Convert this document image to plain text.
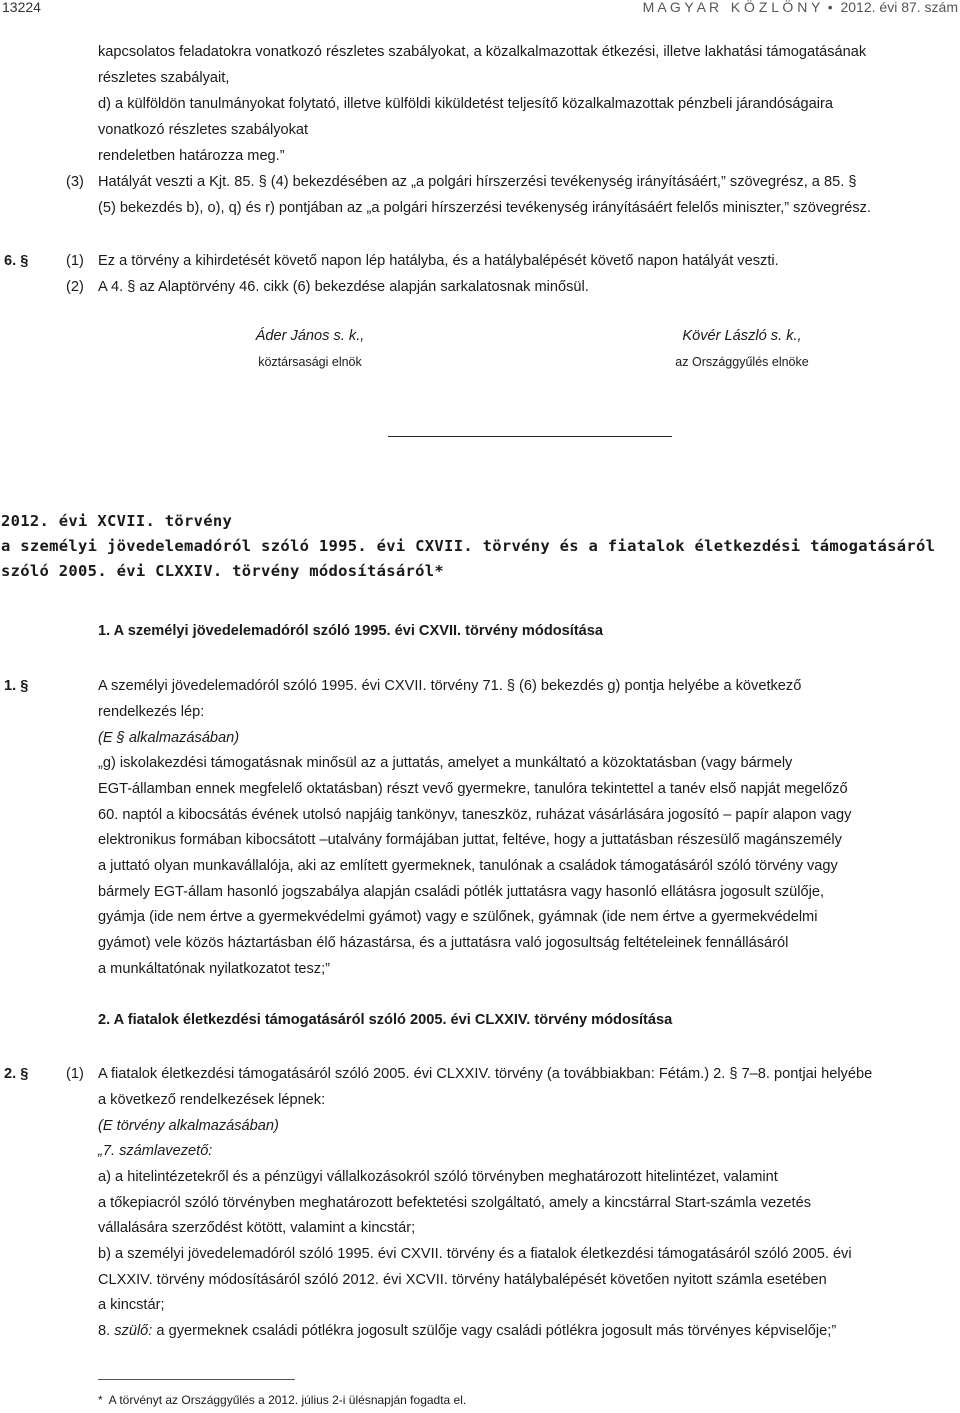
13224	M A G Y A R   K Ö Z L Ö N Y  •  2012. évi 87. szám
kapcsolatos feladatokra vonatkozó részletes szabályokat, a közalkalmazottak étkezési, illetve lakhatási támogatásának
részletes szabályait,
d) a külföldön tanulmányokat folytató, illetve külföldi kiküldetést teljesítő közalkalmazottak pénzbeli járandóságaira
vonatkozó részletes szabályokat
rendeletben határozza meg.”
(3) Hatályát veszti a Kjt. 85. § (4) bekezdésében az „a polgári hírszerzési tevékenység irányításáért,” szövegrész, a 85. §
(5) bekezdés b), o), q) és r) pontjában az „a polgári hírszerzési tevékenység irányításáért felelős miniszter,” szövegrész.
6. §	(1) Ez a törvény a kihirdetését követő napon lép hatályba, és a hatálybalépését követő napon hatályát veszti.
(2) A 4. § az Alaptörvény 46. cikk (6) bekezdése alapján sarkalatosnak minősül.
Áder János s. k.,
köztársasági elnök
Kövér László s. k.,
az Országgyűlés elnöke
2012. évi XCVII. törvény
a személyi jövedelemadóról szóló 1995. évi CXVII. törvény és a fiatalok életkezdési támogatásáról
szóló 2005. évi CLXXIV. törvény módosításáról*
1. A személyi jövedelemadóról szóló 1995. évi CXVII. törvény módosítása
1. §	A személyi jövedelemadóról szóló 1995. évi CXVII. törvény 71. § (6) bekezdés g) pontja helyébe a következő
rendelkezés lép:
(E § alkalmazásában)
„g) iskolakezdési támogatásnak minősül az a juttatás, amelyet a munkáltató a közoktatásban (vagy bármely
EGT-államban ennek megfelelő oktatásban) részt vevő gyermekre, tanulóra tekintettel a tanév első napját megelőző
60. naptól a kibocsátás évének utolsó napjáig tankönyv, taneszköz, ruházat vásárlására jogosító – papír alapon vagy
elektronikus formában kibocsátott –utalvány formájában juttat, feltéve, hogy a juttatásban részesülő magánszemély
a juttató olyan munkavállalója, aki az említett gyermeknek, tanulónak a családok támogatásáról szóló törvény vagy
bármely EGT-állam hasonló jogszabálya alapján családi pótlék juttatásra vagy hasonló ellátásra jogosult szülője,
gyámja (ide nem értve a gyermekvédelmi gyámot) vagy e szülőnek, gyámnak (ide nem értve a gyermekvédelmi
gyámot) vele közös háztartásban élő házastársa, és a juttatásra való jogosultság feltételeinek fennállásáról
a munkáltatónak nyilatkozatot tesz;”
2. A fiatalok életkezdési támogatásáról szóló 2005. évi CLXXIV. törvény módosítása
2. §	(1) A fiatalok életkezdési támogatásáról szóló 2005. évi CLXXIV. törvény (a továbbiakban: Fétám.) 2. § 7–8. pontjai helyébe
a következő rendelkezések lépnek:
(E törvény alkalmazásában)
„7. számlavezető:
a) a hitelintézetekről és a pénzügyi vállalkozásokról szóló törvényben meghatározott hitelintézet, valamint
a tőkepiacról szóló törvényben meghatározott befektetési szolgáltató, amely a kincstárral Start-számla vezetés
vállalására szerződést kötött, valamint a kincstár;
b) a személyi jövedelemadóról szóló 1995. évi CXVII. törvény és a fiatalok életkezdési támogatásáról szóló 2005. évi
CLXXIV. törvény módosításáról szóló 2012. évi XCVII. törvény hatálybalépését követően nyitott számla esetében
a kincstár;
8. szülő: a gyermeknek családi pótlékra jogosult szülője vagy családi pótlékra jogosult más törvényes képviselője;”
*  A törvényt az Országgyűlés a 2012. július 2-i ülésnapján fogadta el.
